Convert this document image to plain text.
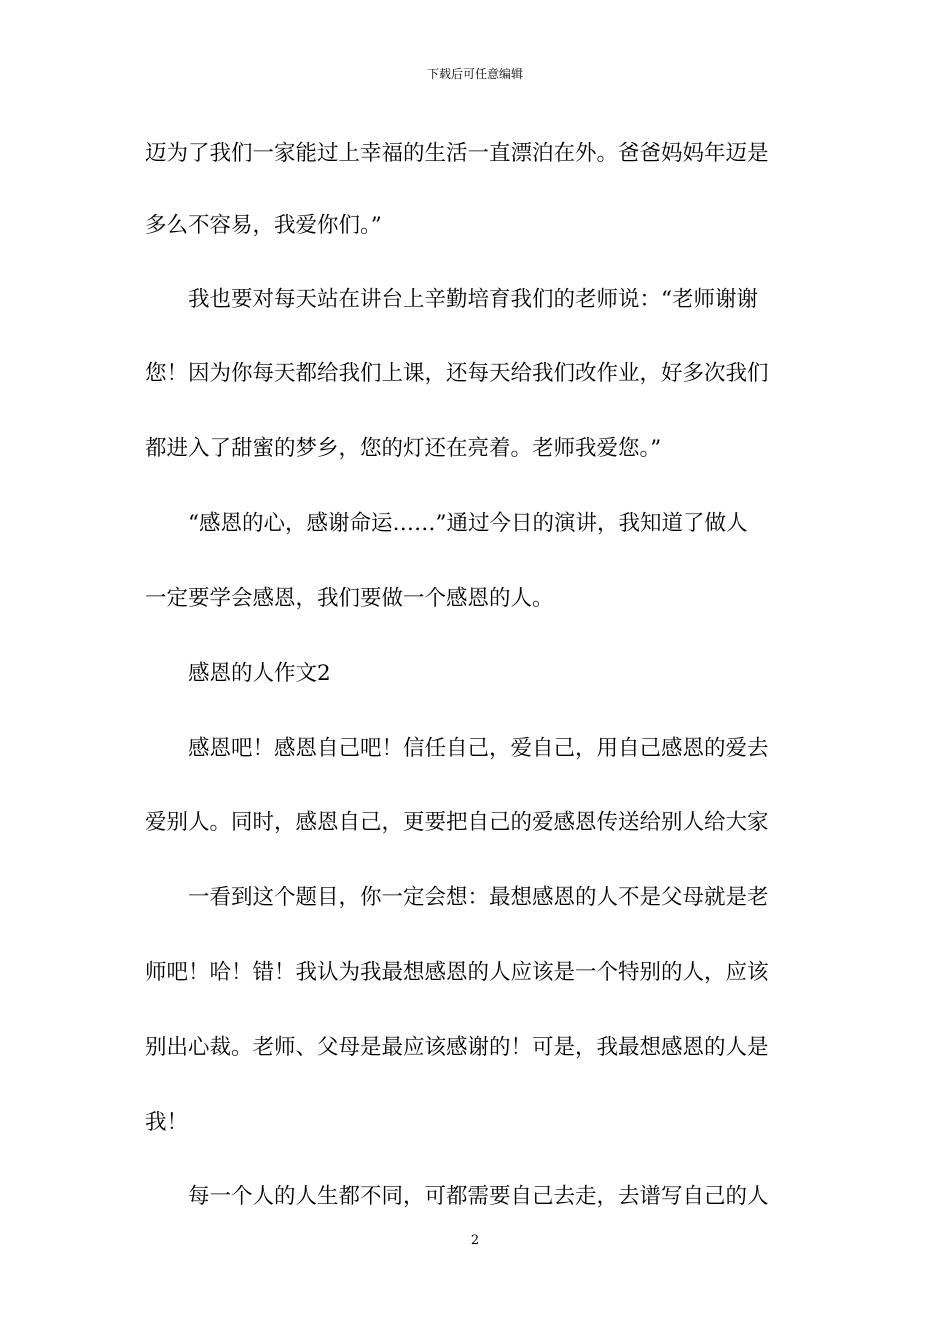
下载后可任意编辑
迈为了我们一家能过上幸福的生活一直漂泊在外。爸爸妈妈年迈是
多么不容易，我爱你们。”
我也要对每天站在讲台上辛勤培育我们的老师说：“老师谢谢
您！因为你每天都给我们上课，还每天给我们改作业，好多次我们
都进入了甜蜜的梦乡，您的灯还在亮着。老师我爱您。”
“感恩的心，感谢命运……”通过今日的演讲，我知道了做人
一定要学会感恩，我们要做一个感恩的人。
感恩的人作文2
感恩吧！感恩自己吧！信任自己，爱自己，用自己感恩的爱去
爱别人。同时，感恩自己，更要把自己的爱感恩传送给别人给大家
一看到这个题目，你一定会想：最想感恩的人不是父母就是老
师吧！哈！错！我认为我最想感恩的人应该是一个特别的人，应该
别出心裁。老师、父母是最应该感谢的！可是，我最想感恩的人是
我！
每一个人的人生都不同，可都需要自己去走，去谱写自己的人
2
